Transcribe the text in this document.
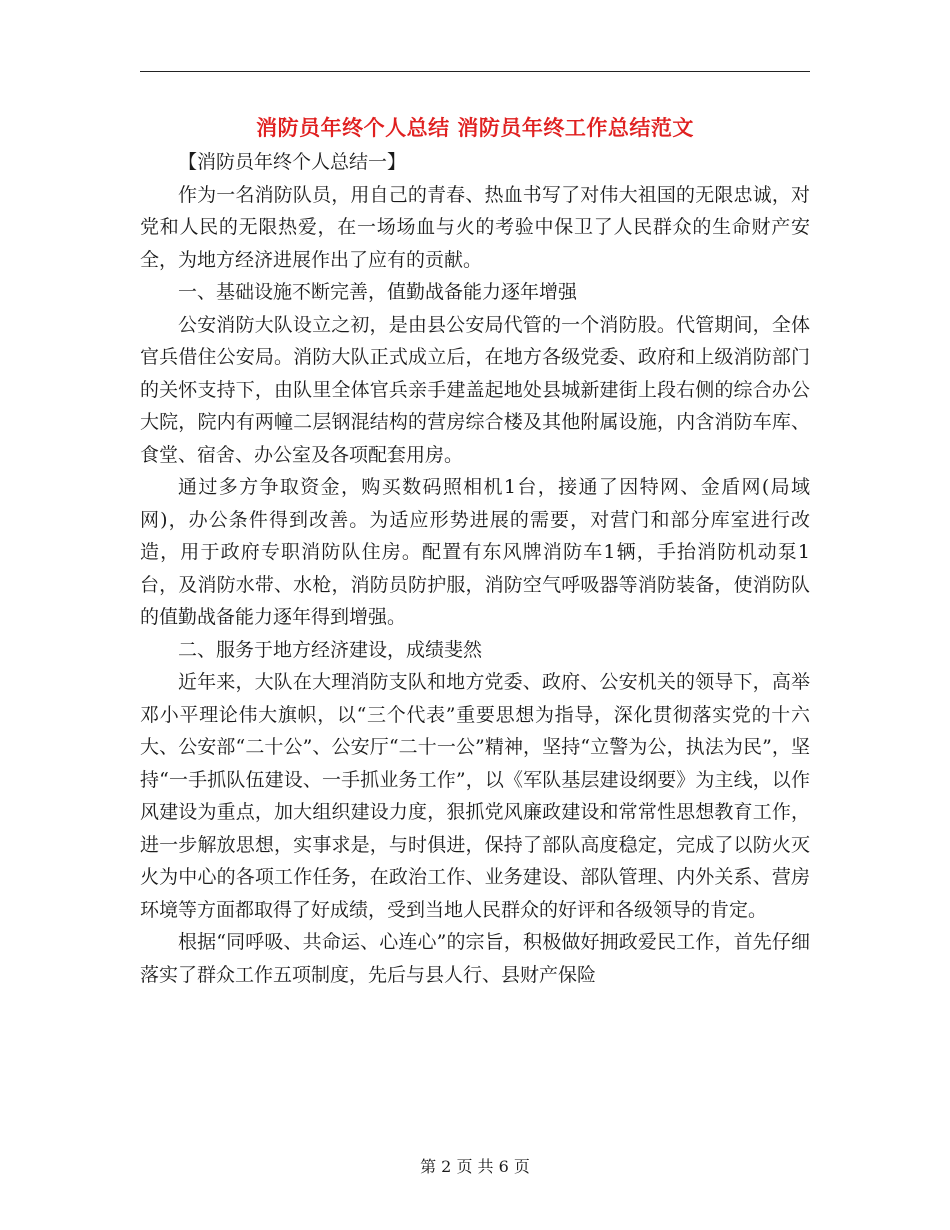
消防员年终个人总结 消防员年终工作总结范文

【消防员年终个人总结一】

作为一名消防队员，用自己的青春、热血书写了对伟大祖国的无限忠诚，对党和人民的无限热爱，在一场场血与火的考验中保卫了人民群众的生命财产安全，为地方经济进展作出了应有的贡献。

一、基础设施不断完善，值勤战备能力逐年增强

公安消防大队设立之初，是由县公安局代管的一个消防股。代管期间，全体官兵借住公安局。消防大队正式成立后，在地方各级党委、政府和上级消防部门的关怀支持下，由队里全体官兵亲手建盖起地处县城新建街上段右侧的综合办公大院，院内有两幢二层钢混结构的营房综合楼及其他附属设施，内含消防车库、食堂、宿舍、办公室及各项配套用房。

通过多方争取资金，购买数码照相机1台，接通了因特网、金盾网(局域网)，办公条件得到改善。为适应形势进展的需要，对营门和部分库室进行改造，用于政府专职消防队住房。配置有东风牌消防车1辆，手抬消防机动泵1台，及消防水带、水枪，消防员防护服，消防空气呼吸器等消防装备，使消防队的值勤战备能力逐年得到增强。

二、服务于地方经济建设，成绩斐然

近年来，大队在大理消防支队和地方党委、政府、公安机关的领导下，高举邓小平理论伟大旗帜，以“三个代表”重要思想为指导，深化贯彻落实党的十六大、公安部“二十公”、公安厅“二十一公”精神，坚持“立警为公，执法为民”，坚持“一手抓队伍建设、一手抓业务工作”，以《军队基层建设纲要》为主线，以作风建设为重点，加大组织建设力度，狠抓党风廉政建设和常常性思想教育工作，进一步解放思想，实事求是，与时俱进，保持了部队高度稳定，完成了以防火灭火为中心的各项工作任务，在政治工作、业务建设、部队管理、内外关系、营房环境等方面都取得了好成绩，受到当地人民群众的好评和各级领导的肯定。

根据“同呼吸、共命运、心连心”的宗旨，积极做好拥政爱民工作，首先仔细落实了群众工作五项制度，先后与县人行、县财产保险

第 2 页 共 6 页
